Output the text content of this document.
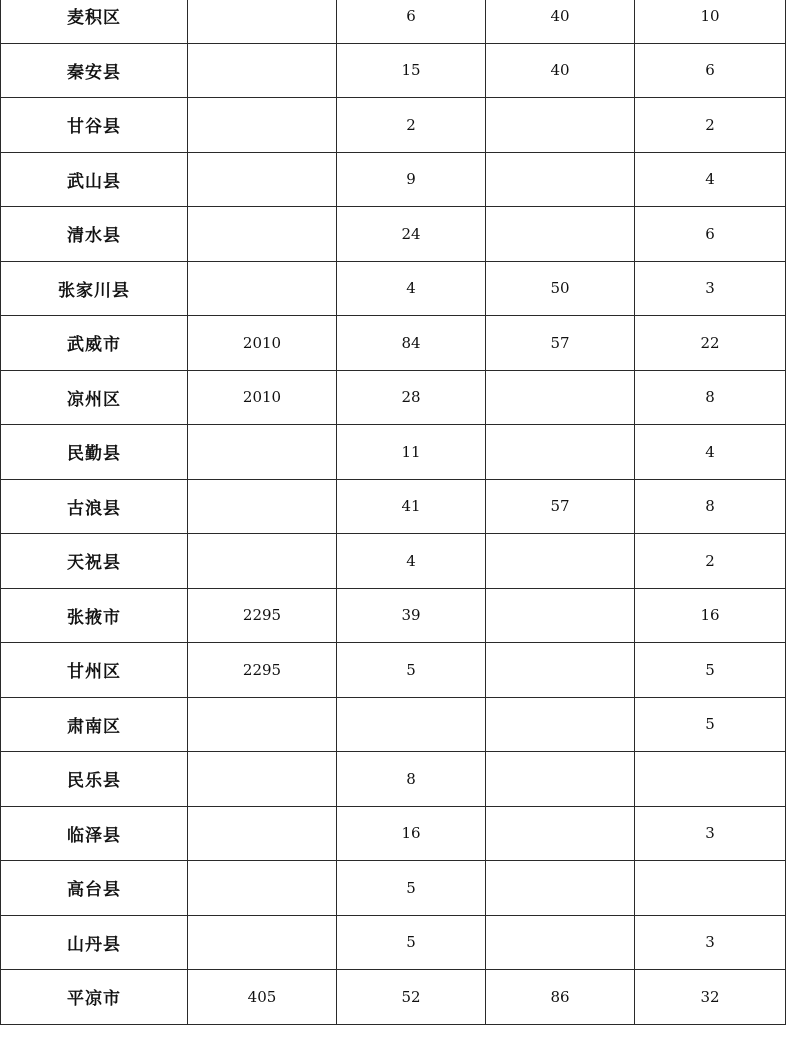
麦积区		6	40	10
秦安县		15	40	6
甘谷县		2		2
武山县		9		4
清水县		24		6
张家川县		4	50	3
武威市	2010	84	57	22
凉州区	2010	28		8
民勤县		11		4
古浪县		41	57	8
天祝县		4		2
张掖市	2295	39		16
甘州区	2295	5		5
肃南区				5
民乐县		8		
临泽县		16		3
高台县		5		
山丹县		5		3
平凉市	405	52	86	32
